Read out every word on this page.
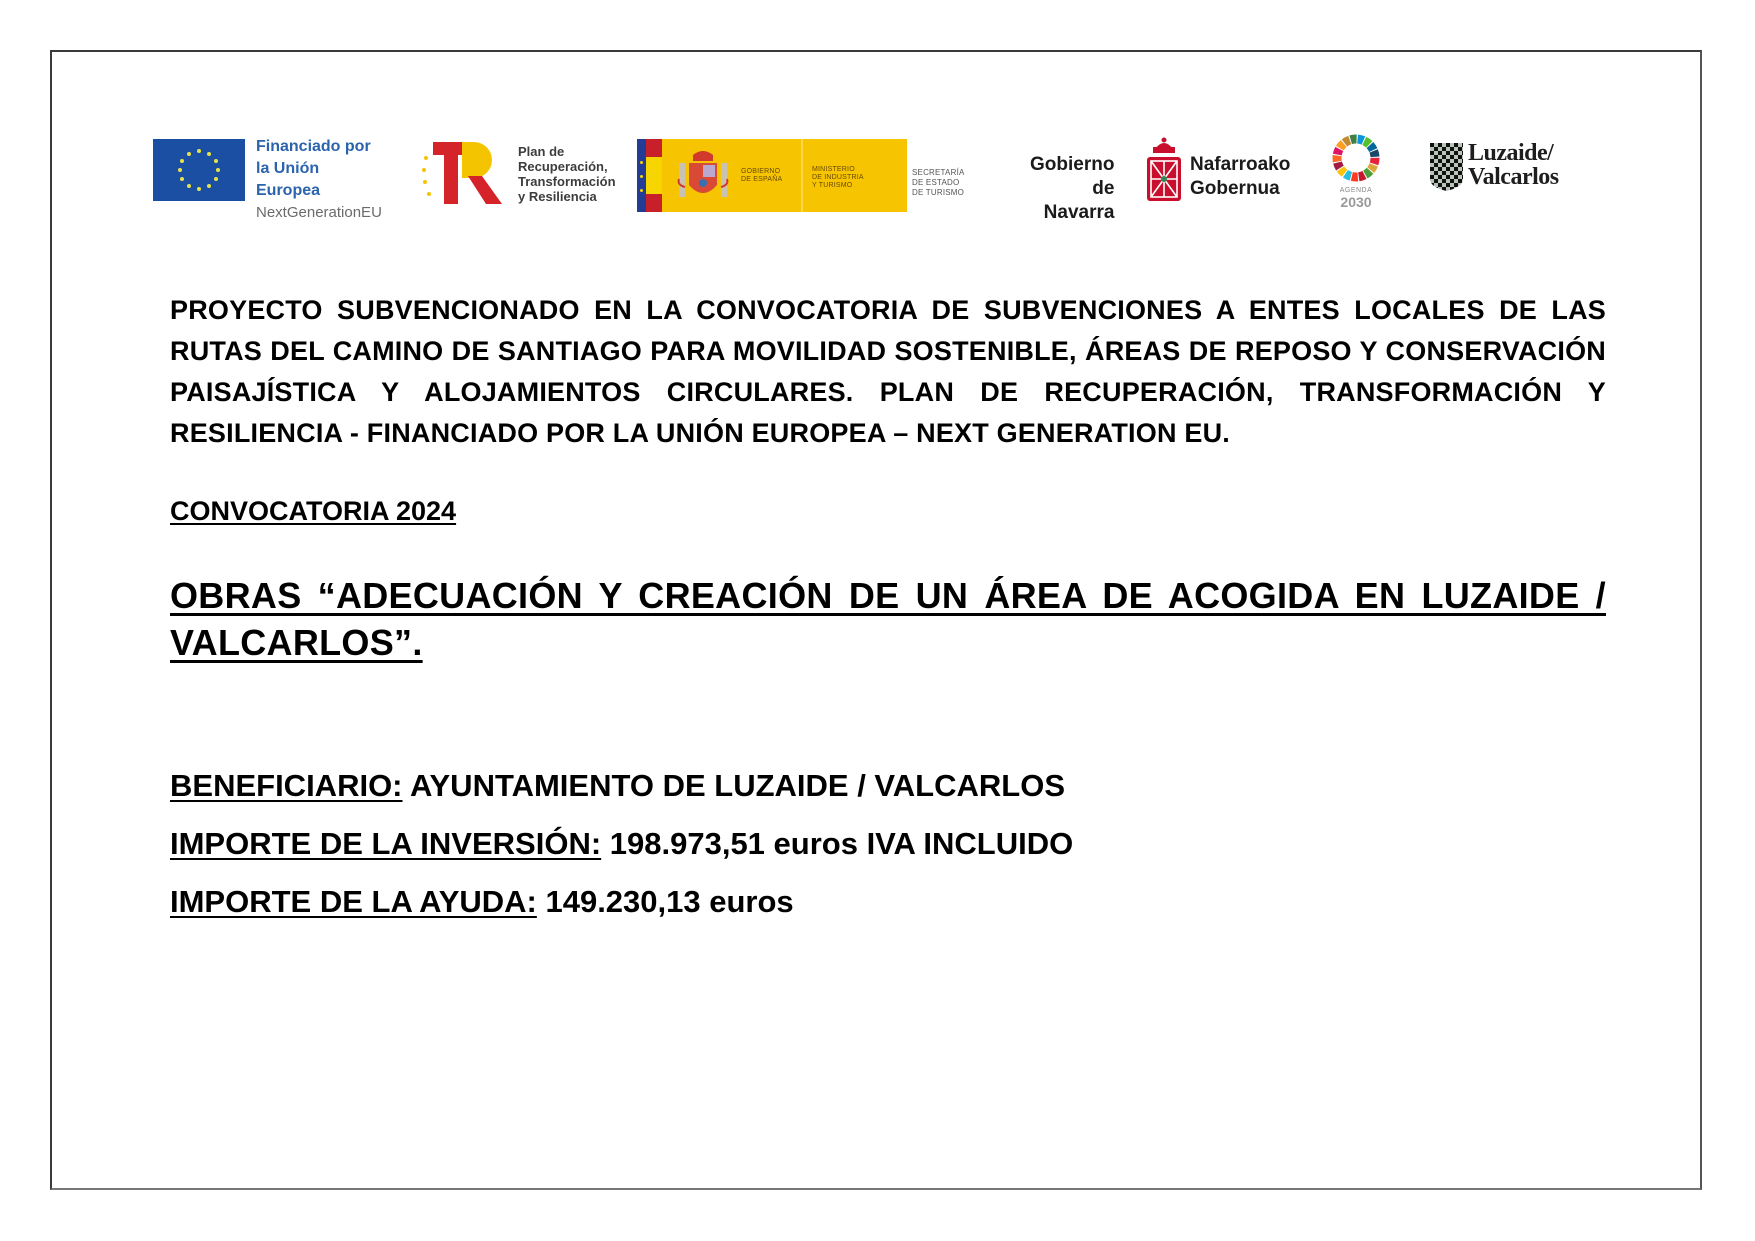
Financiado por
la Unión Europea
NextGenerationEU
Plan de
Recuperación,
Transformación
y Resiliencia
GOBIERNO
DE ESPAÑA
MINISTERIO
DE INDUSTRIA
Y TURISMO
SECRETARÍA DE ESTADO
DE TURISMO
Gobierno
de Navarra
Nafarroako
Gobernua	AGENDA
2030
Luzaide/
Valcarlos
PROYECTO SUBVENCIONADO EN LA CONVOCATORIA DE SUBVENCIONES A ENTES LOCALES DE LAS RUTAS DEL CAMINO DE SANTIAGO PARA MOVILIDAD SOSTENIBLE, ÁREAS DE REPOSO Y CONSERVACIÓN PAISAJÍSTICA Y ALOJAMIENTOS CIRCULARES. PLAN DE RECUPERACIÓN, TRANSFORMACIÓN Y RESILIENCIA - FINANCIADO POR LA UNIÓN EUROPEA – NEXT GENERATION EU.
CONVOCATORIA 2024
OBRAS “ADECUACIÓN Y CREACIÓN DE UN ÁREA DE ACOGIDA EN LUZAIDE / VALCARLOS”.
BENEFICIARIO: AYUNTAMIENTO DE LUZAIDE / VALCARLOS
IMPORTE DE LA INVERSIÓN: 198.973,51 euros IVA INCLUIDO
IMPORTE DE LA AYUDA: 149.230,13 euros
